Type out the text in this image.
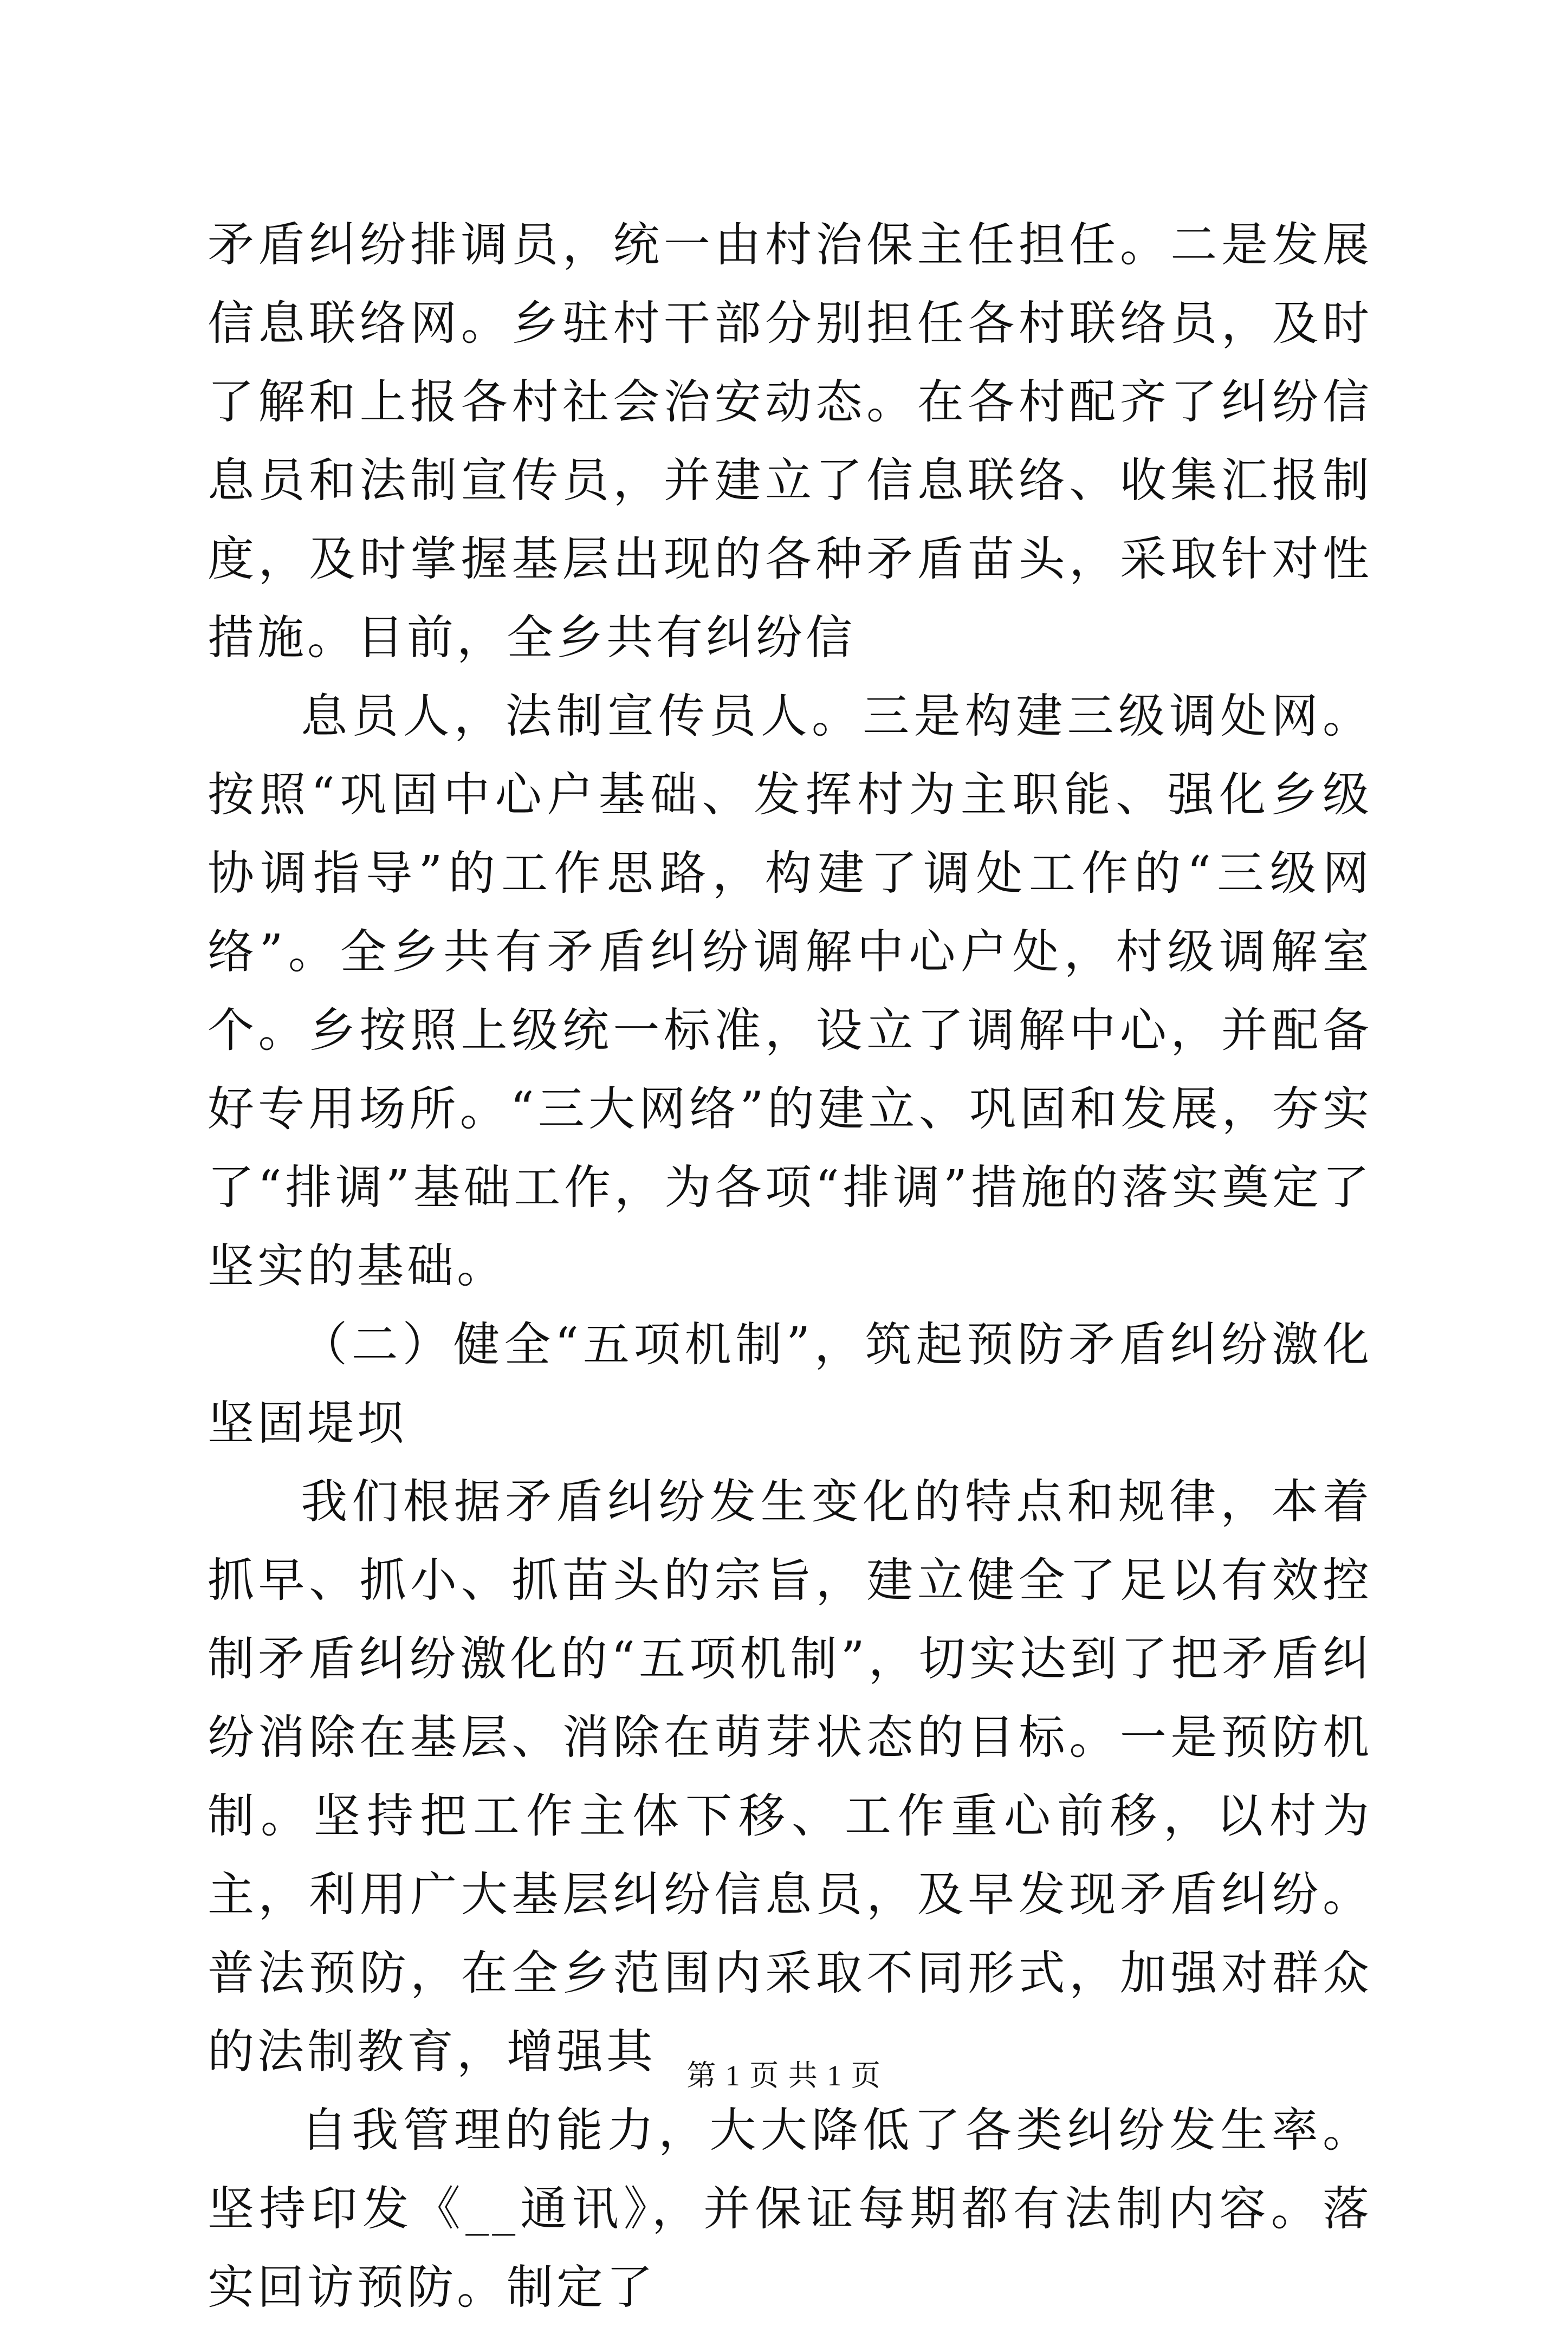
矛盾纠纷排调员，统一由村治保主任担任。二是发展信息联络网。乡驻村干部分别担任各村联络员，及时了解和上报各村社会治安动态。在各村配齐了纠纷信息员和法制宣传员，并建立了信息联络、收集汇报制度，及时掌握基层出现的各种矛盾苗头，采取针对性措施。目前，全乡共有纠纷信

息员人，法制宣传员人。三是构建三级调处网。按照“巩固中心户基础、发挥村为主职能、强化乡级协调指导”的工作思路，构建了调处工作的“三级网络”。全乡共有矛盾纠纷调解中心户处，村级调解室个。乡按照上级统一标准，设立了调解中心，并配备好专用场所。“三大网络”的建立、巩固和发展，夯实了“排调”基础工作，为各项“排调”措施的落实奠定了坚实的基础。

（二）健全“五项机制”，筑起预防矛盾纠纷激化坚固堤坝

我们根据矛盾纠纷发生变化的特点和规律，本着抓早、抓小、抓苗头的宗旨，建立健全了足以有效控制矛盾纠纷激化的“五项机制”，切实达到了把矛盾纠纷消除在基层、消除在萌芽状态的目标。一是预防机制。坚持把工作主体下移、工作重心前移，以村为主，利用广大基层纠纷信息员，及早发现矛盾纠纷。普法预防，在全乡范围内采取不同形式，加强对群众的法制教育，增强其

自我管理的能力，大大降低了各类纠纷发生率。坚持印发《__通讯》，并保证每期都有法制内容。落实回访预防。制定了

第 1 页 共 1 页
